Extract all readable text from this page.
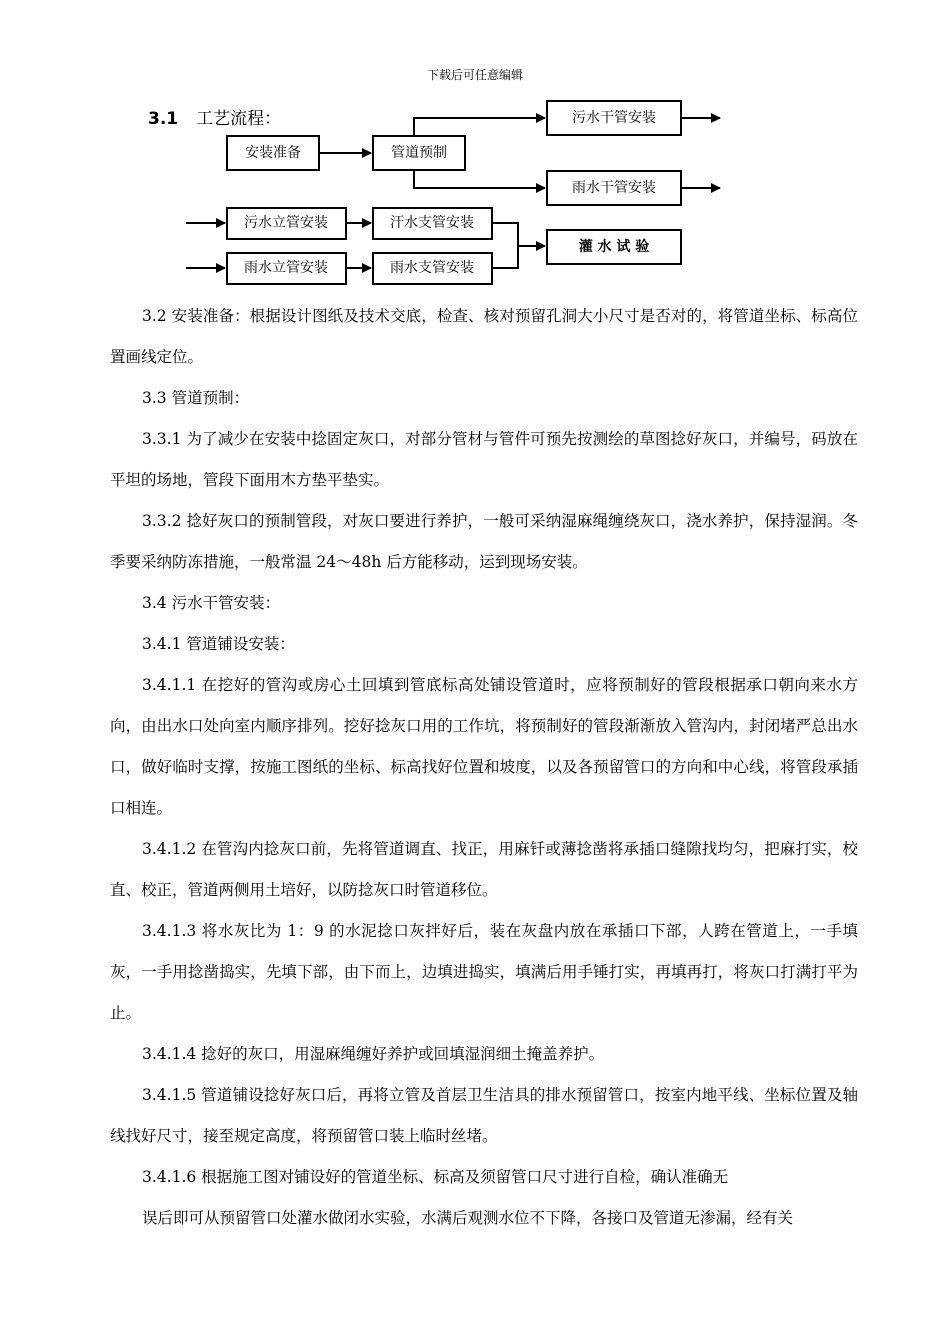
下载后可任意编辑
3.1 工艺流程：
安装准备	管道预制
污水干管安装
雨水干管安装
污水立管安装	汗水支管安装
雨水立管安装	雨水支管安装
灌 水 试 验

3.2 安装准备：根据设计图纸及技术交底，检查、核对预留孔洞大小尺寸是否对的，将管道坐标、标高位置画线定位。

3.3 管道预制：

3.3.1 为了减少在安装中捻固定灰口，对部分管材与管件可预先按测绘的草图捻好灰口，并编号，码放在平坦的场地，管段下面用木方垫平垫实。

3.3.2 捻好灰口的预制管段，对灰口要进行养护，一般可采纳湿麻绳缠绕灰口，浇水养护，保持湿润。冬季要采纳防冻措施，一般常温 24～48h 后方能移动，运到现场安装。

3.4 污水干管安装：

3.4.1 管道铺设安装：

3.4.1.1 在挖好的管沟或房心土回填到管底标高处铺设管道时，应将预制好的管段根据承口朝向来水方向，由出水口处向室内顺序排列。挖好捻灰口用的工作坑，将预制好的管段渐渐放入管沟内，封闭堵严总出水口，做好临时支撑，按施工图纸的坐标、标高找好位置和坡度，以及各预留管口的方向和中心线，将管段承插口相连。

3.4.1.2 在管沟内捻灰口前，先将管道调直、找正，用麻钎或薄捻凿将承插口缝隙找均匀，把麻打实，校直、校正，管道两侧用土培好，以防捻灰口时管道移位。

3.4.1.3 将水灰比为 1：9 的水泥捻口灰拌好后，装在灰盘内放在承插口下部，人跨在管道上，一手填灰，一手用捻凿捣实，先填下部，由下而上，边填进捣实，填满后用手锤打实，再填再打，将灰口打满打平为止。

3.4.1.4 捻好的灰口，用湿麻绳缠好养护或回填湿润细土掩盖养护。

3.4.1.5 管道铺设捻好灰口后，再将立管及首层卫生洁具的排水预留管口，按室内地平线、坐标位置及轴线找好尺寸，接至规定高度，将预留管口装上临时丝堵。

3.4.1.6 根据施工图对铺设好的管道坐标、标高及须留管口尺寸进行自检，确认准确无

误后即可从预留管口处灌水做闭水实验，水满后观测水位不下降，各接口及管道无渗漏，经有关
